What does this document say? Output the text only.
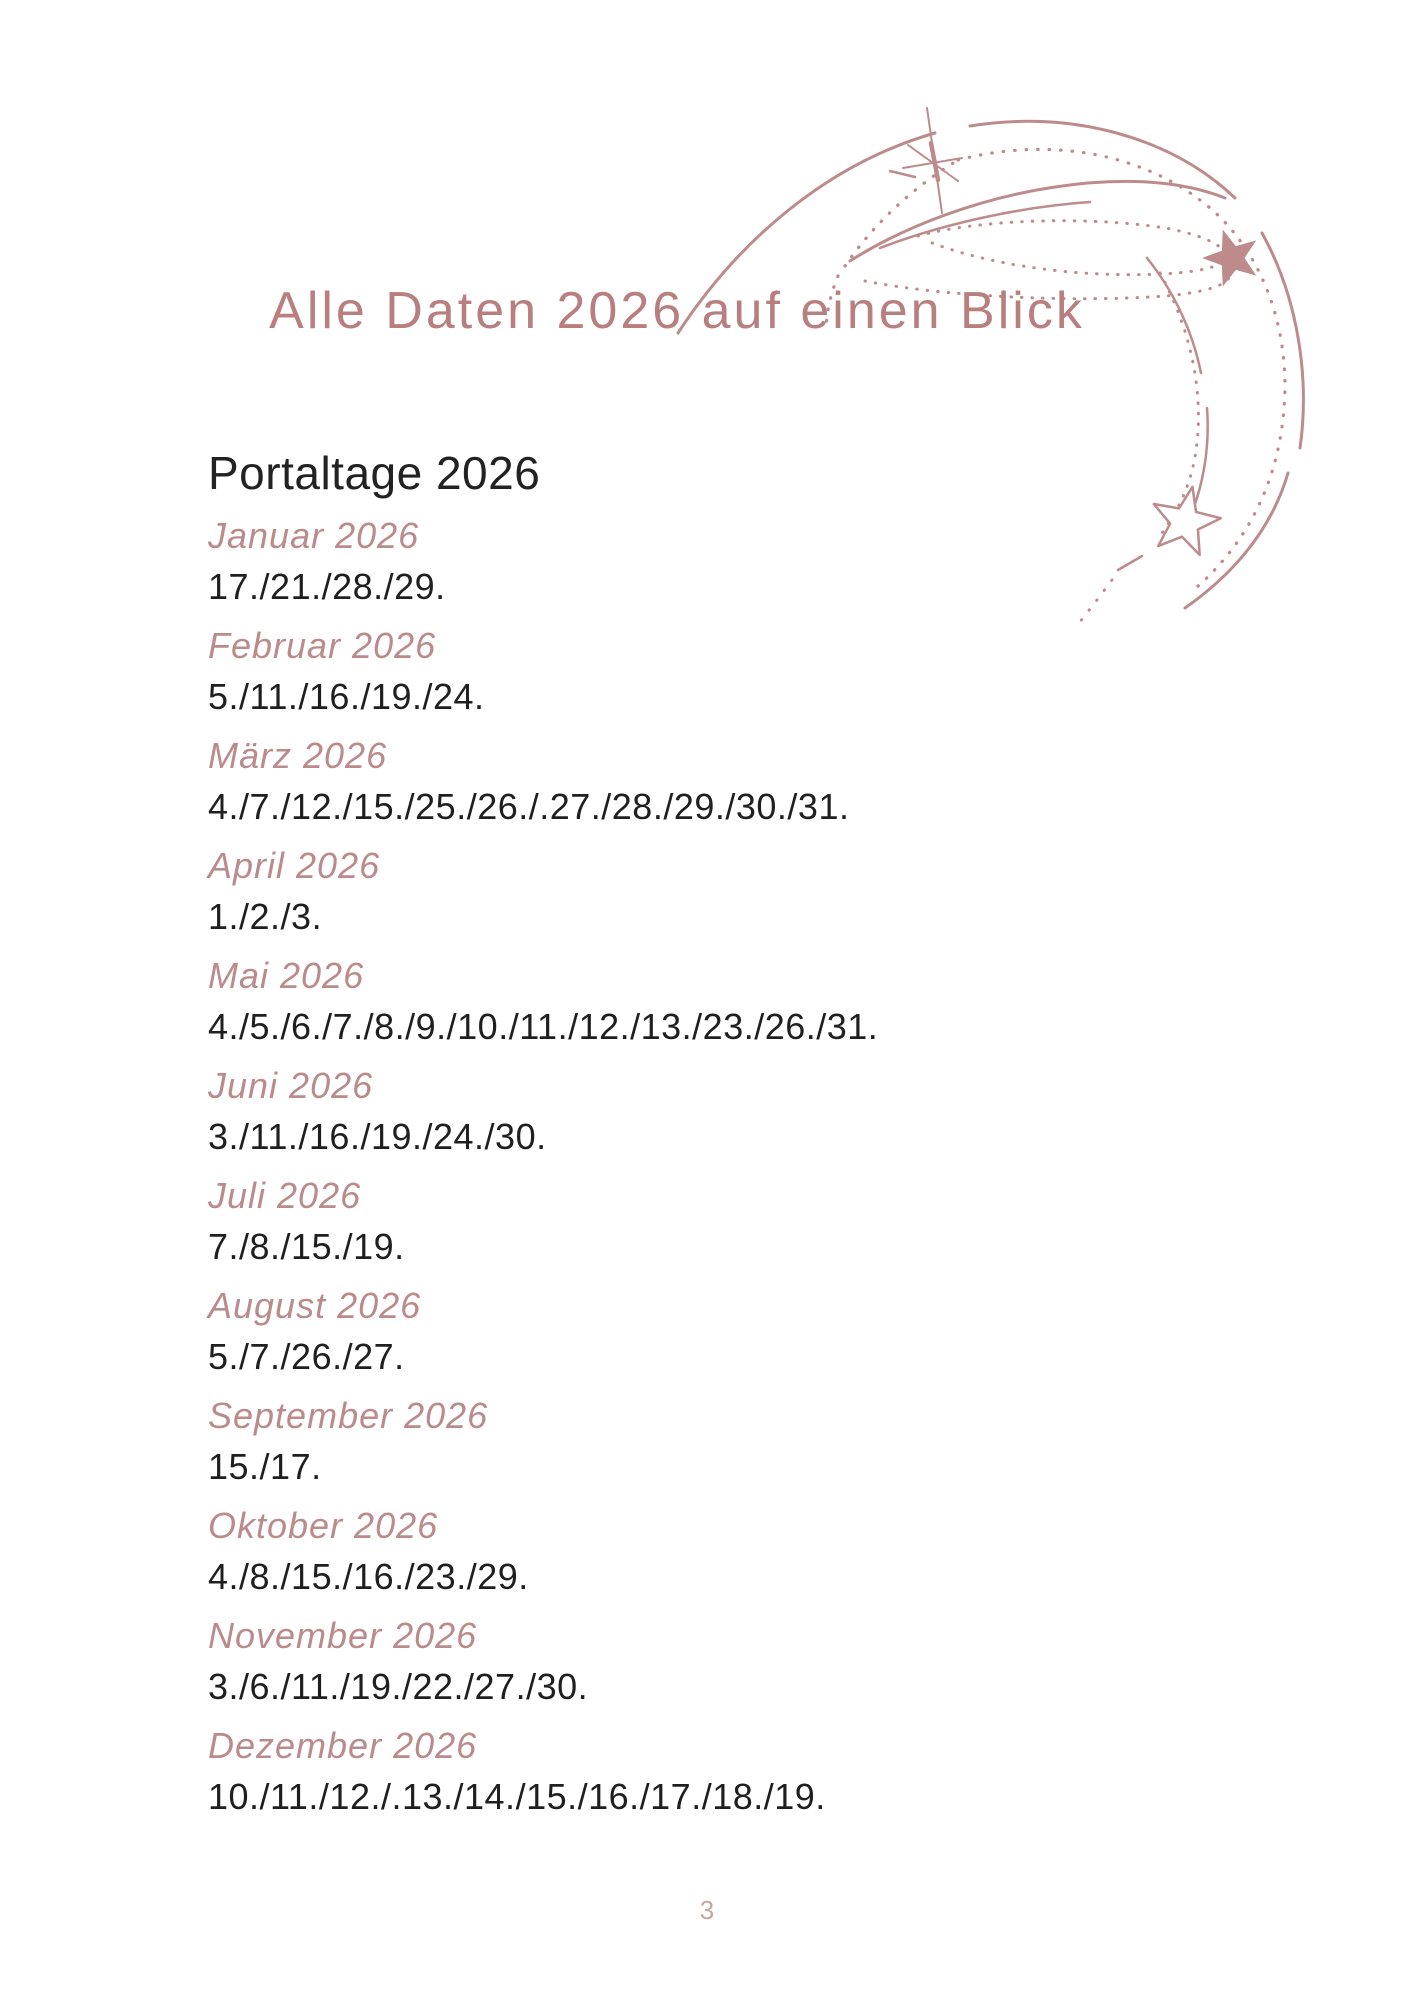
Alle Daten 2026 auf einen Blick
Portaltage 2026
Januar 2026
17./21./28./29.
Februar 2026
5./11./16./19./24.
März 2026
4./7./12./15./25./26./.27./28./29./30./31.
April 2026
1./2./3.
Mai 2026
4./5./6./7./8./9./10./11./12./13./23./26./31.
Juni 2026
3./11./16./19./24./30.
Juli 2026
7./8./15./19.
August 2026
5./7./26./27.
September 2026
15./17.
Oktober 2026
4./8./15./16./23./29.
November 2026
3./6./11./19./22./27./30.
Dezember 2026
10./11./12./.13./14./15./16./17./18./19.
3
